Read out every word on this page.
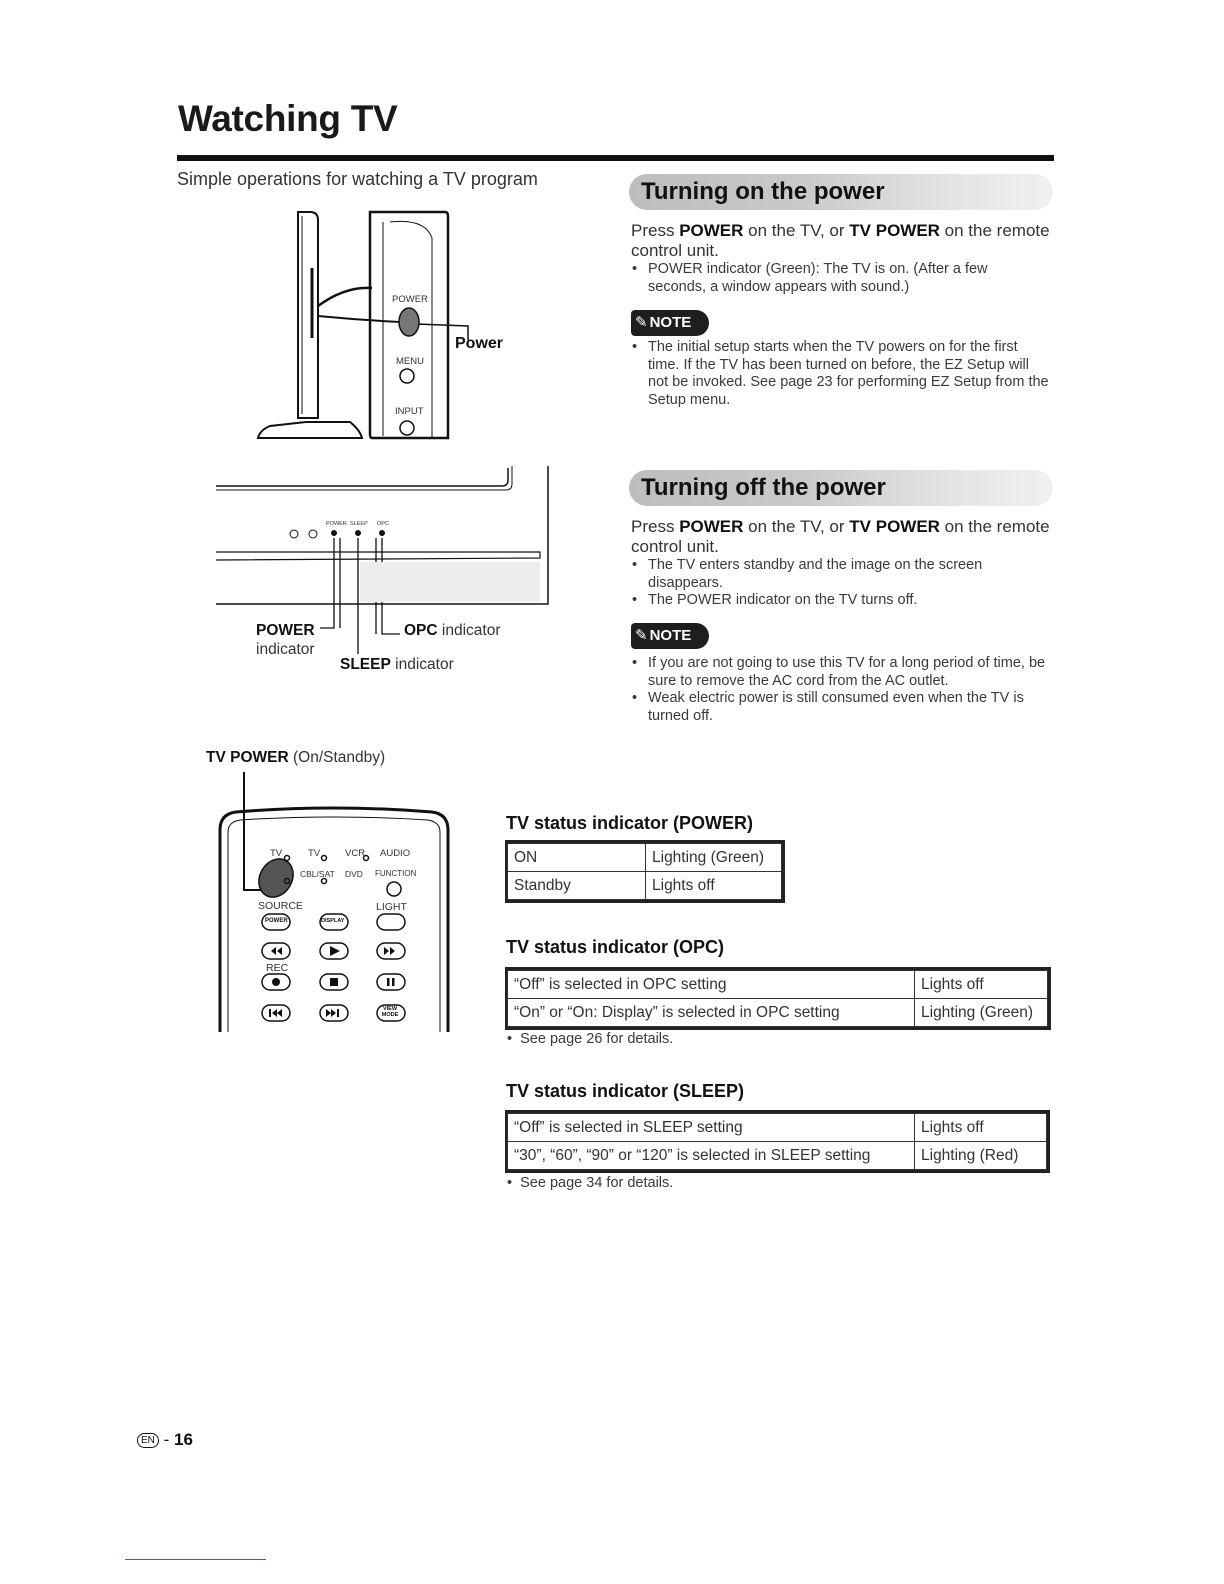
Watching TV
Simple operations for watching a TV program
POWER
MENU
INPUT
Power
POWER SLEEP OPC
POWER
indicator
OPC indicator
SLEEP indicator
TV POWER (On/Standby)
TV	TV	VCR AUDIO
CBL/SAT DVD FUNCTION
SOURCE	LIGHT
REC
POWER	DISPLAY
VIEW MODE
Turning on the power
Press POWER on the TV, or TV POWER on the remote control unit.
• POWER indicator (Green): The TV is on. (After a few seconds, a window appears with sound.)
✎ NOTE
• The initial setup starts when the TV powers on for the first time. If the TV has been turned on before, the EZ Setup will not be invoked. See page 23 for performing EZ Setup from the Setup menu.
Turning off the power
Press POWER on the TV, or TV POWER on the remote control unit.
• The TV enters standby and the image on the screen disappears.
• The POWER indicator on the TV turns off.
✎ NOTE
• If you are not going to use this TV for a long period of time, be sure to remove the AC cord from the AC outlet.
• Weak electric power is still consumed even when the TV is turned off.
TV status indicator (POWER)
ON	Lighting (Green)
Standby	Lights off
TV status indicator (OPC)
“Off” is selected in OPC setting	Lights off
“On” or “On: Display” is selected in OPC setting	Lighting (Green)
•  See page 26 for details.
TV status indicator (SLEEP)
“Off” is selected in SLEEP setting	Lights off
“30”, “60”, “90” or “120” is selected in SLEEP setting	Lighting (Red)
•  See page 34 for details.
EN - 16
